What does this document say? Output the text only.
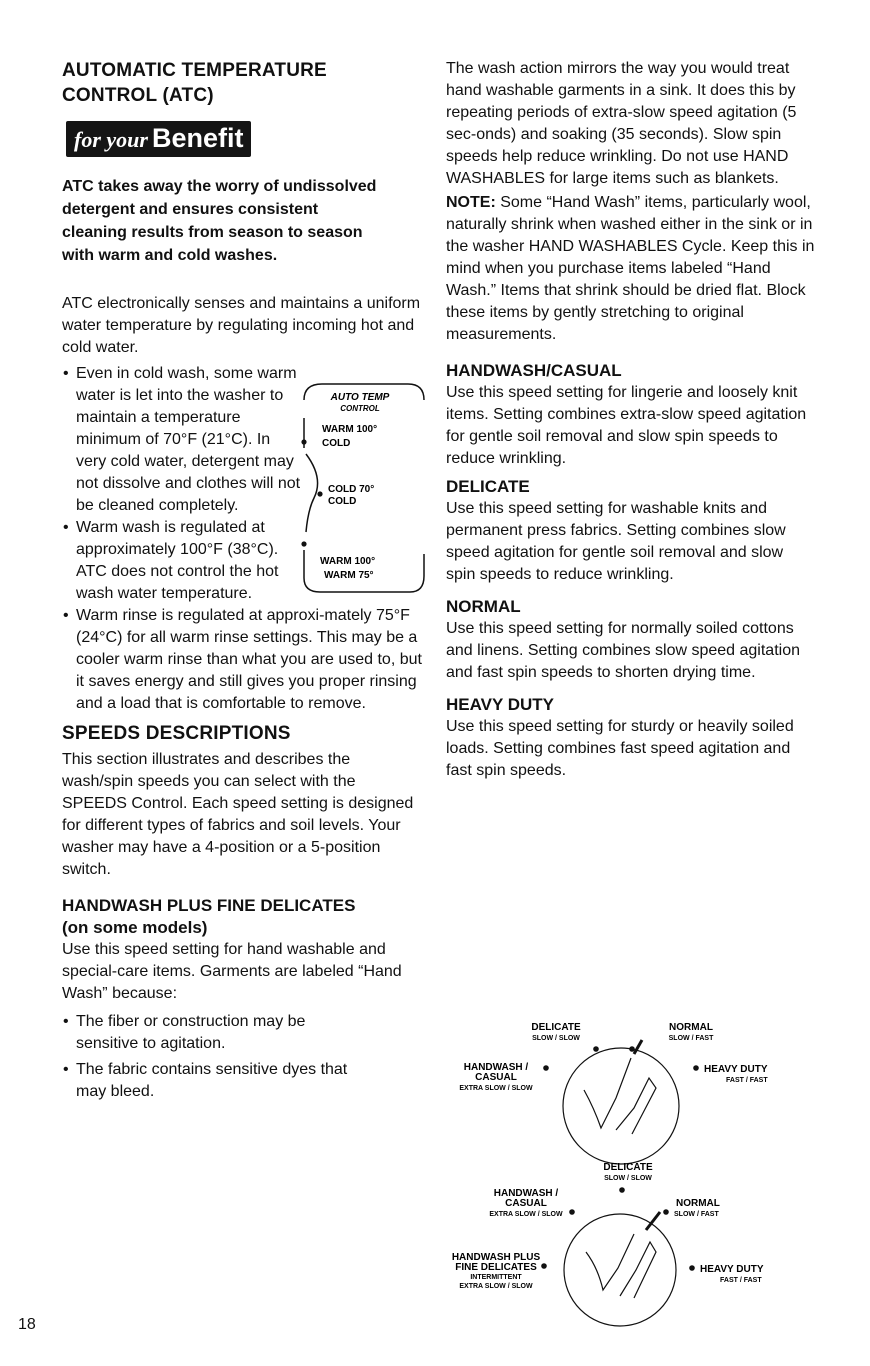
AUTOMATIC TEMPERATURE
CONTROL (ATC)
for your Benefit

ATC takes away the worry of undissolved detergent and ensures consistent cleaning results from season to season with warm and cold washes.

ATC electronically senses and maintains a uniform water temperature by regulating incoming hot and cold water.

• Even in cold wash, some warm water is let into the washer to maintain a temperature minimum of 70°F (21°C). In very cold water, detergent may not dissolve and clothes will not be cleaned completely.
• Warm wash is regulated at approximately 100°F (38°C). ATC does not control the hot wash water temperature.
• Warm rinse is regulated at approxi-mately 75°F (24°C) for all warm rinse settings. This may be a cooler warm rinse than what you are used to, but it saves energy and still gives you proper rinsing and a load that is comfortable to remove.
SPEEDS DESCRIPTIONS

This section illustrates and describes the wash/spin speeds you can select with the SPEEDS Control. Each speed setting is designed for different types of fabrics and soil levels. Your washer may have a 4-position or a 5-position switch.

HANDWASH PLUS FINE DELICATES
(on some models)

Use this speed setting for hand washable and special-care items. Garments are labeled “Hand Wash” because:

• The fiber or construction may be sensitive to agitation.
• The fabric contains sensitive dyes that may bleed.
AUTO TEMP
CONTROL
WARM 100°
COLD
COLD 70°
COLD
WARM 100°
WARM 75°

The wash action mirrors the way you would treat hand washable garments in a sink. It does this by repeating periods of extra-slow speed agitation (5 sec-onds) and soaking (35 seconds). Slow spin speeds help reduce wrinkling. Do not use HAND WASHABLES for large items such as blankets.

NOTE: Some “Hand Wash” items, particularly wool, naturally shrink when washed either in the sink or in the washer HAND WASHABLES Cycle. Keep this in mind when you purchase items labeled “Hand Wash.” Items that shrink should be dried flat. Block these items by gently stretching to original measurements.

HANDWASH/CASUAL

Use this speed setting for lingerie and loosely knit items. Setting combines extra-slow speed agitation for gentle soil removal and slow spin speeds to reduce wrinkling.

DELICATE

Use this speed setting for washable knits and permanent press fabrics. Setting combines slow speed agitation for gentle soil removal and slow spin speeds to reduce wrinkling.

NORMAL

Use this speed setting for normally soiled cottons and linens. Setting combines slow speed agitation and fast spin speeds to shorten drying time.

HEAVY DUTY

Use this speed setting for sturdy or heavily soiled loads. Setting combines fast speed agitation and fast spin speeds.

DELICATE
SLOW / SLOW
NORMAL
SLOW / FAST
HANDWASH /
CASUAL
EXTRA SLOW / SLOW
HEAVY DUTY
FAST / FAST
DELICATE
SLOW / SLOW
HANDWASH /
CASUAL
EXTRA SLOW / SLOW
NORMAL
SLOW / FAST
HANDWASH PLUS
FINE DELICATES
INTERMITTENT
EXTRA SLOW / SLOW
HEAVY DUTY
FAST / FAST
18
